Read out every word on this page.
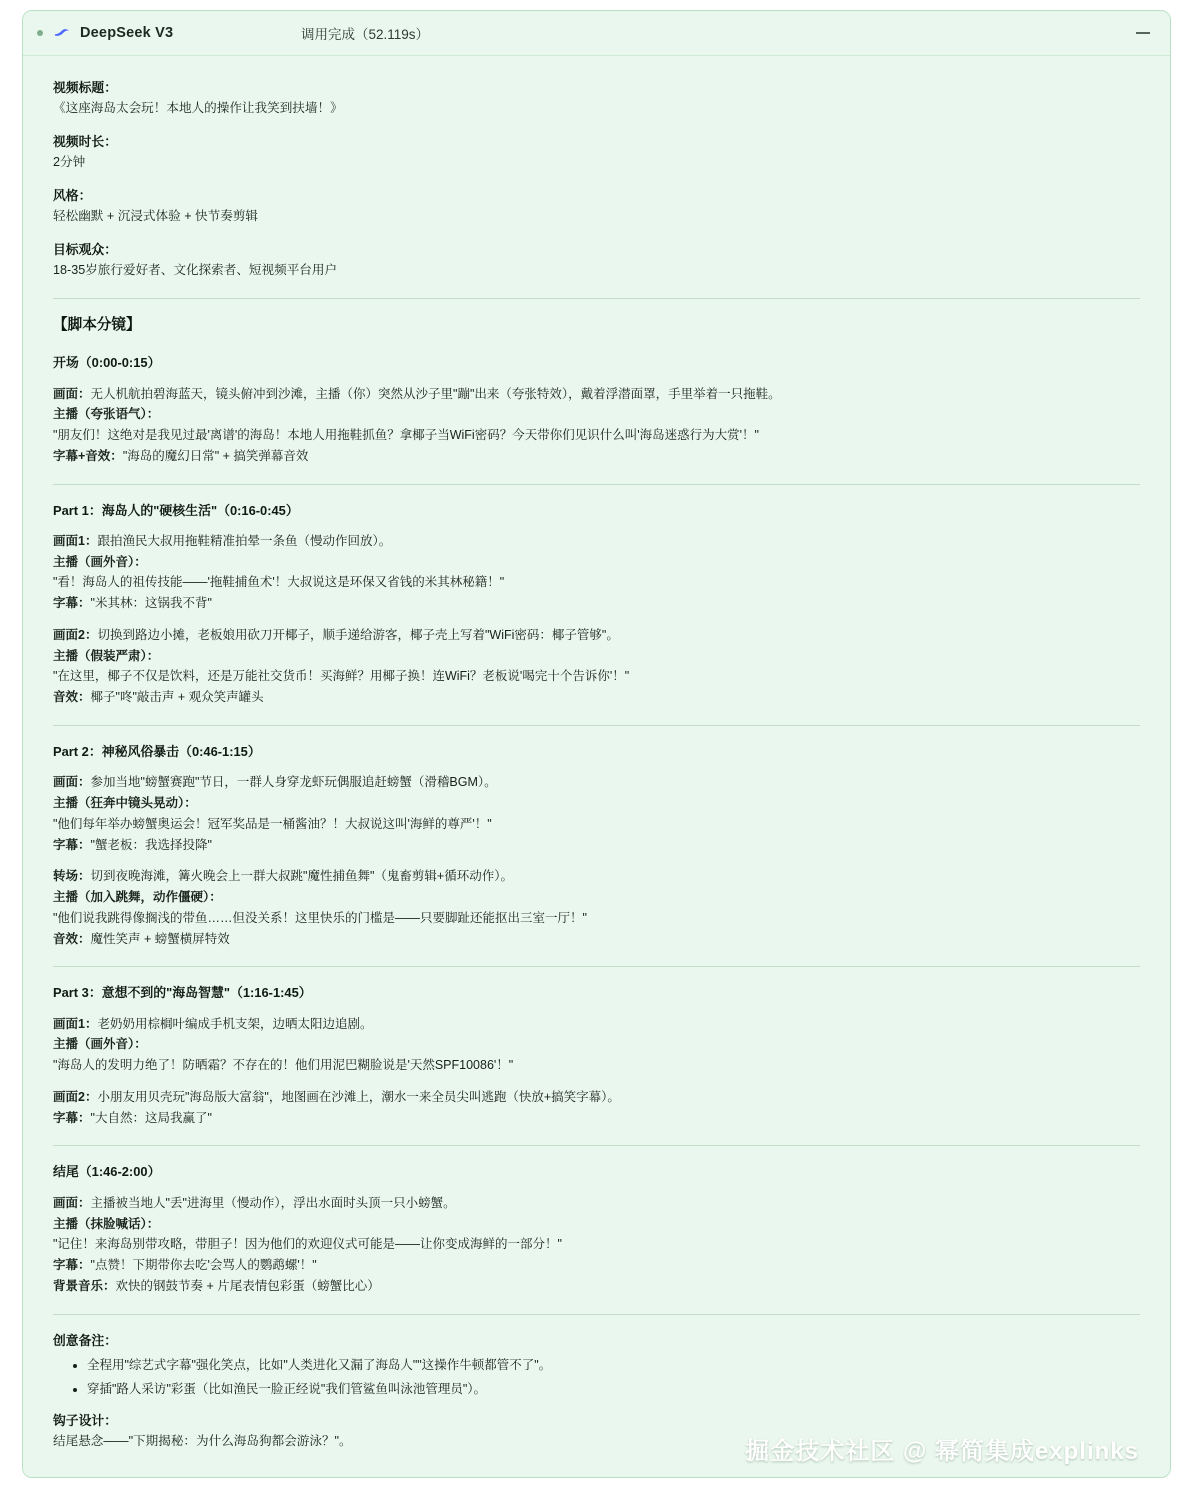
DeepSeek V3	调用完成（52.119s）
视频标题：
《这座海岛太会玩！本地人的操作让我笑到扶墙！》
视频时长：
2分钟
风格：
轻松幽默 + 沉浸式体验 + 快节奏剪辑
目标观众：
18-35岁旅行爱好者、文化探索者、短视频平台用户
【脚本分镜】
开场（0:00-0:15）
画面：无人机航拍碧海蓝天，镜头俯冲到沙滩，主播（你）突然从沙子里"蹦"出来（夸张特效），戴着浮潜面罩，手里举着一只拖鞋。
主播（夸张语气）：
"朋友们！这绝对是我见过最'离谱'的海岛！本地人用拖鞋抓鱼？拿椰子当WiFi密码？今天带你们见识什么叫'海岛迷惑行为大赏'！"
字幕+音效："海岛的魔幻日常" + 搞笑弹幕音效
Part 1：海岛人的"硬核生活"（0:16-0:45）
画面1：跟拍渔民大叔用拖鞋精准拍晕一条鱼（慢动作回放）。
主播（画外音）：
"看！海岛人的祖传技能——'拖鞋捕鱼术'！大叔说这是环保又省钱的米其林秘籍！"
字幕："米其林：这锅我不背"
画面2：切换到路边小摊，老板娘用砍刀开椰子，顺手递给游客，椰子壳上写着"WiFi密码：椰子管够"。
主播（假装严肃）：
"在这里，椰子不仅是饮料，还是万能社交货币！买海鲜？用椰子换！连WiFi？老板说'喝完十个告诉你'！"
音效：椰子"咚"敲击声 + 观众笑声罐头
Part 2：神秘风俗暴击（0:46-1:15）
画面：参加当地"螃蟹赛跑"节日，一群人身穿龙虾玩偶服追赶螃蟹（滑稽BGM）。
主播（狂奔中镜头晃动）：
"他们每年举办螃蟹奥运会！冠军奖品是一桶酱油？！大叔说这叫'海鲜的尊严'！"
字幕："蟹老板：我选择投降"
转场：切到夜晚海滩，篝火晚会上一群大叔跳"魔性捕鱼舞"（鬼畜剪辑+循环动作）。
主播（加入跳舞，动作僵硬）：
"他们说我跳得像搁浅的带鱼……但没关系！这里快乐的门槛是——只要脚趾还能抠出三室一厅！"
音效：魔性笑声 + 螃蟹横屏特效
Part 3：意想不到的"海岛智慧"（1:16-1:45）
画面1：老奶奶用棕榈叶编成手机支架，边晒太阳边追剧。
主播（画外音）：
"海岛人的发明力绝了！防晒霜？不存在的！他们用泥巴糊脸说是'天然SPF10086'！"
画面2：小朋友用贝壳玩"海岛版大富翁"，地图画在沙滩上，潮水一来全员尖叫逃跑（快放+搞笑字幕）。
字幕："大自然：这局我赢了"
结尾（1:46-2:00）
画面：主播被当地人"丢"进海里（慢动作），浮出水面时头顶一只小螃蟹。
主播（抹脸喊话）：
"记住！来海岛别带攻略，带胆子！因为他们的欢迎仪式可能是——让你变成海鲜的一部分！"
字幕："点赞！下期带你去吃'会骂人的鹦鹉螺'！"
背景音乐：欢快的钢鼓节奏 + 片尾表情包彩蛋（螃蟹比心）
创意备注：
• 全程用"综艺式字幕"强化笑点，比如"人类进化又漏了海岛人""这操作牛顿都管不了"。
• 穿插"路人采访"彩蛋（比如渔民一脸正经说"我们管鲨鱼叫泳池管理员"）。
钩子设计：
结尾悬念——"下期揭秘：为什么海岛狗都会游泳？"。	掘金技术社区 @ 幂简集成explinks
